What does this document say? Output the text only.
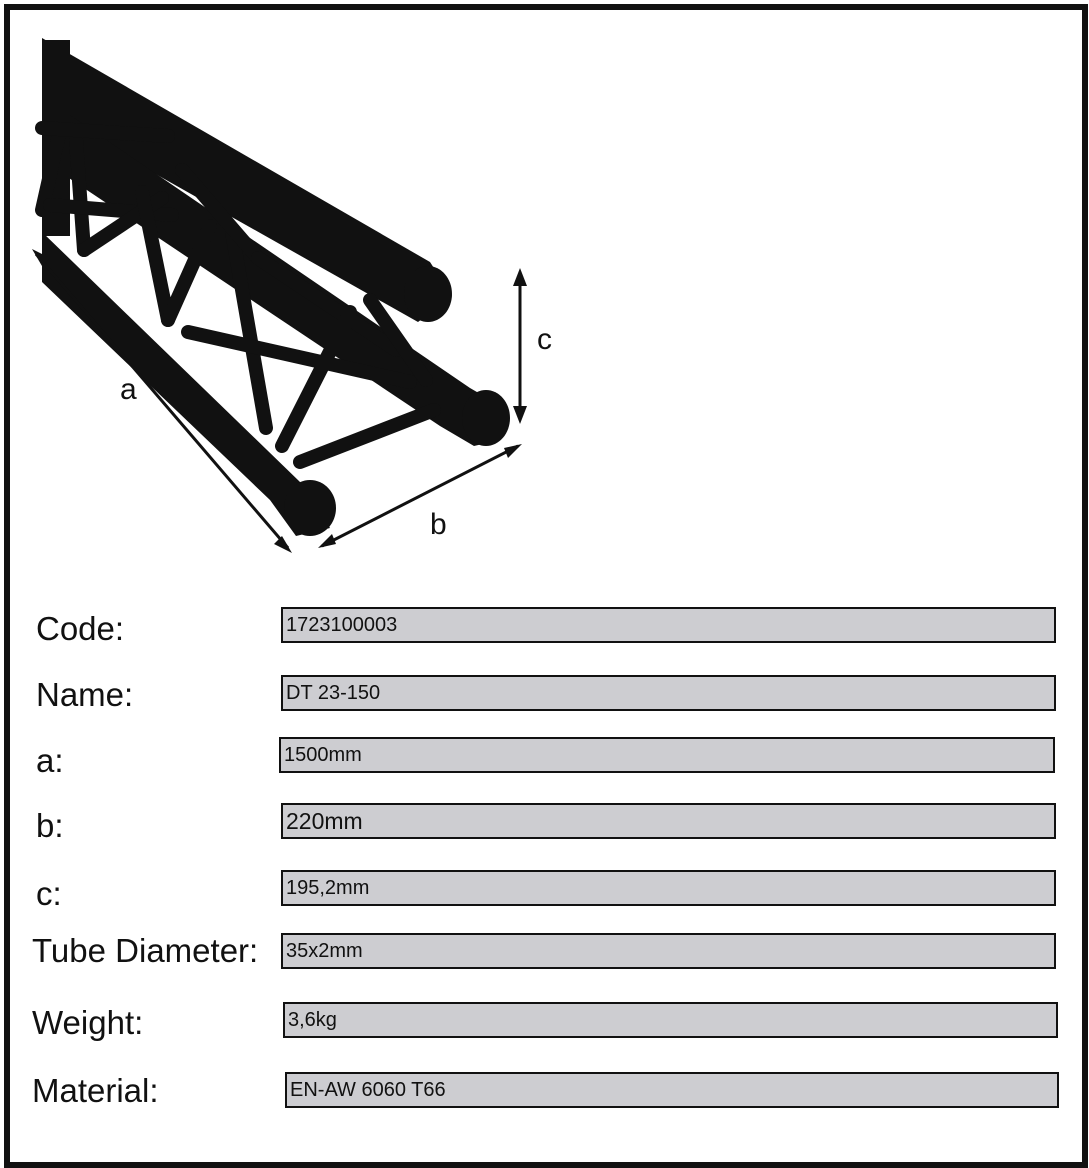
a
b
c
Code:	1723100003
Name:	DT 23-150
a:	1500mm
b:	220mm
c:	195,2mm
Tube Diameter: 35x2mm
Weight:	3,6kg
Material:	EN-AW 6060 T66
